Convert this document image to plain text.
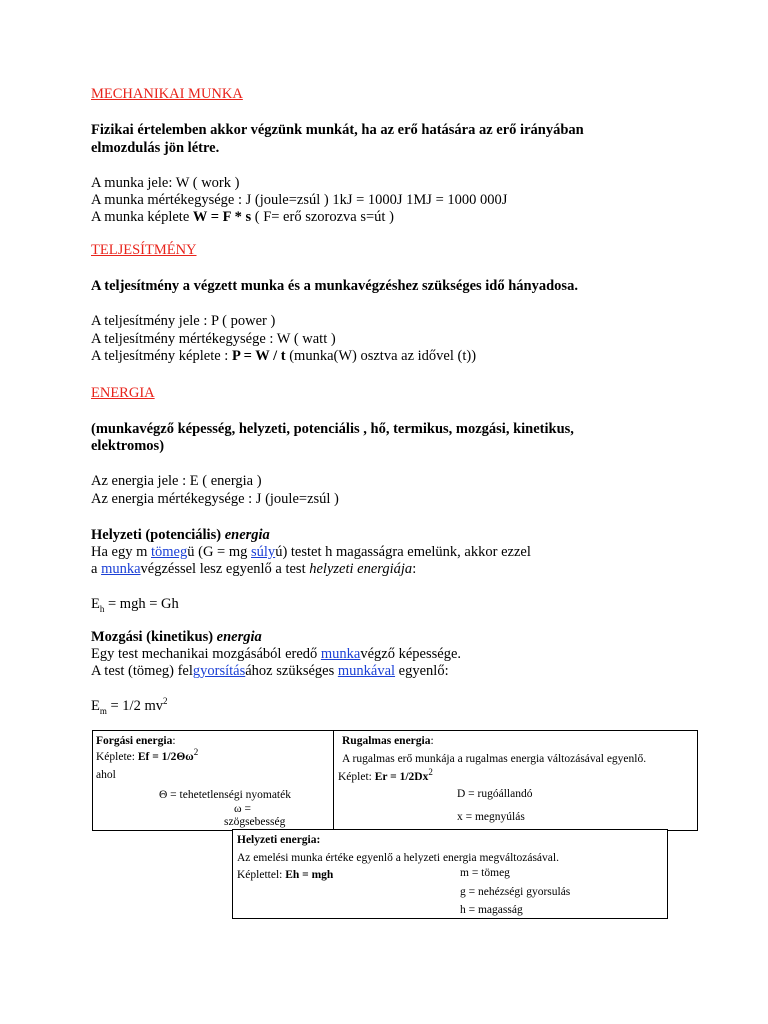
MECHANIKAI MUNKA
Fizikai értelemben akkor végzünk munkát, ha az erő hatására az erő irányában
elmozdulás jön létre.
A munka jele: W ( work )
A munka mértékegysége : J (joule=zsúl ) 1kJ = 1000J 1MJ = 1000 000J
A munka képlete W = F * s ( F= erő szorozva s=út )
TELJESÍTMÉNY
A teljesítmény a végzett munka és a munkavégzéshez szükséges idő hányadosa.
A teljesítmény jele : P ( power )
A teljesítmény mértékegysége : W ( watt )
A teljesítmény képlete : P = W / t (munka(W) osztva az idővel (t))
ENERGIA
(munkavégző képesség, helyzeti, potenciális , hő, termikus, mozgási, kinetikus,
elektromos)
Az energia jele : E ( energia )
Az energia mértékegysége : J (joule=zsúl )
Helyzeti (potenciális) energia
Ha egy m tömegü (G = mg súlyú) testet h magasságra emelünk, akkor ezzel
a munkavégzéssel lesz egyenlő a test helyzeti energiája:
$E_h$ = mgh = Gh
Mozgási (kinetikus) energia
Egy test mechanikai mozgásából eredő munkavégző képessége.
A test (tömeg) felgyorsításához szükséges munkával egyenlő:
$E_m = 1/2$ $mv^2$
Forgási energia:
Képlete: $Ef = 1/2\Theta\omega^2$
ahol
Θ = tehetetlenségi nyomaték
ω =
szögsebesség
Rugalmas energia:
A rugalmas erő munkája a rugalmas energia változásával egyenlő.
Képlet: $Er = 1/2Dx^2$
D = rugóállandó
x = megnyúlás
Helyzeti energia:
Az emelési munka értéke egyenlő a helyzeti energia megváltozásával.
Képlettel: Eh = mgh	m = tömeg
g = nehézségi gyorsulás
h = magasság
